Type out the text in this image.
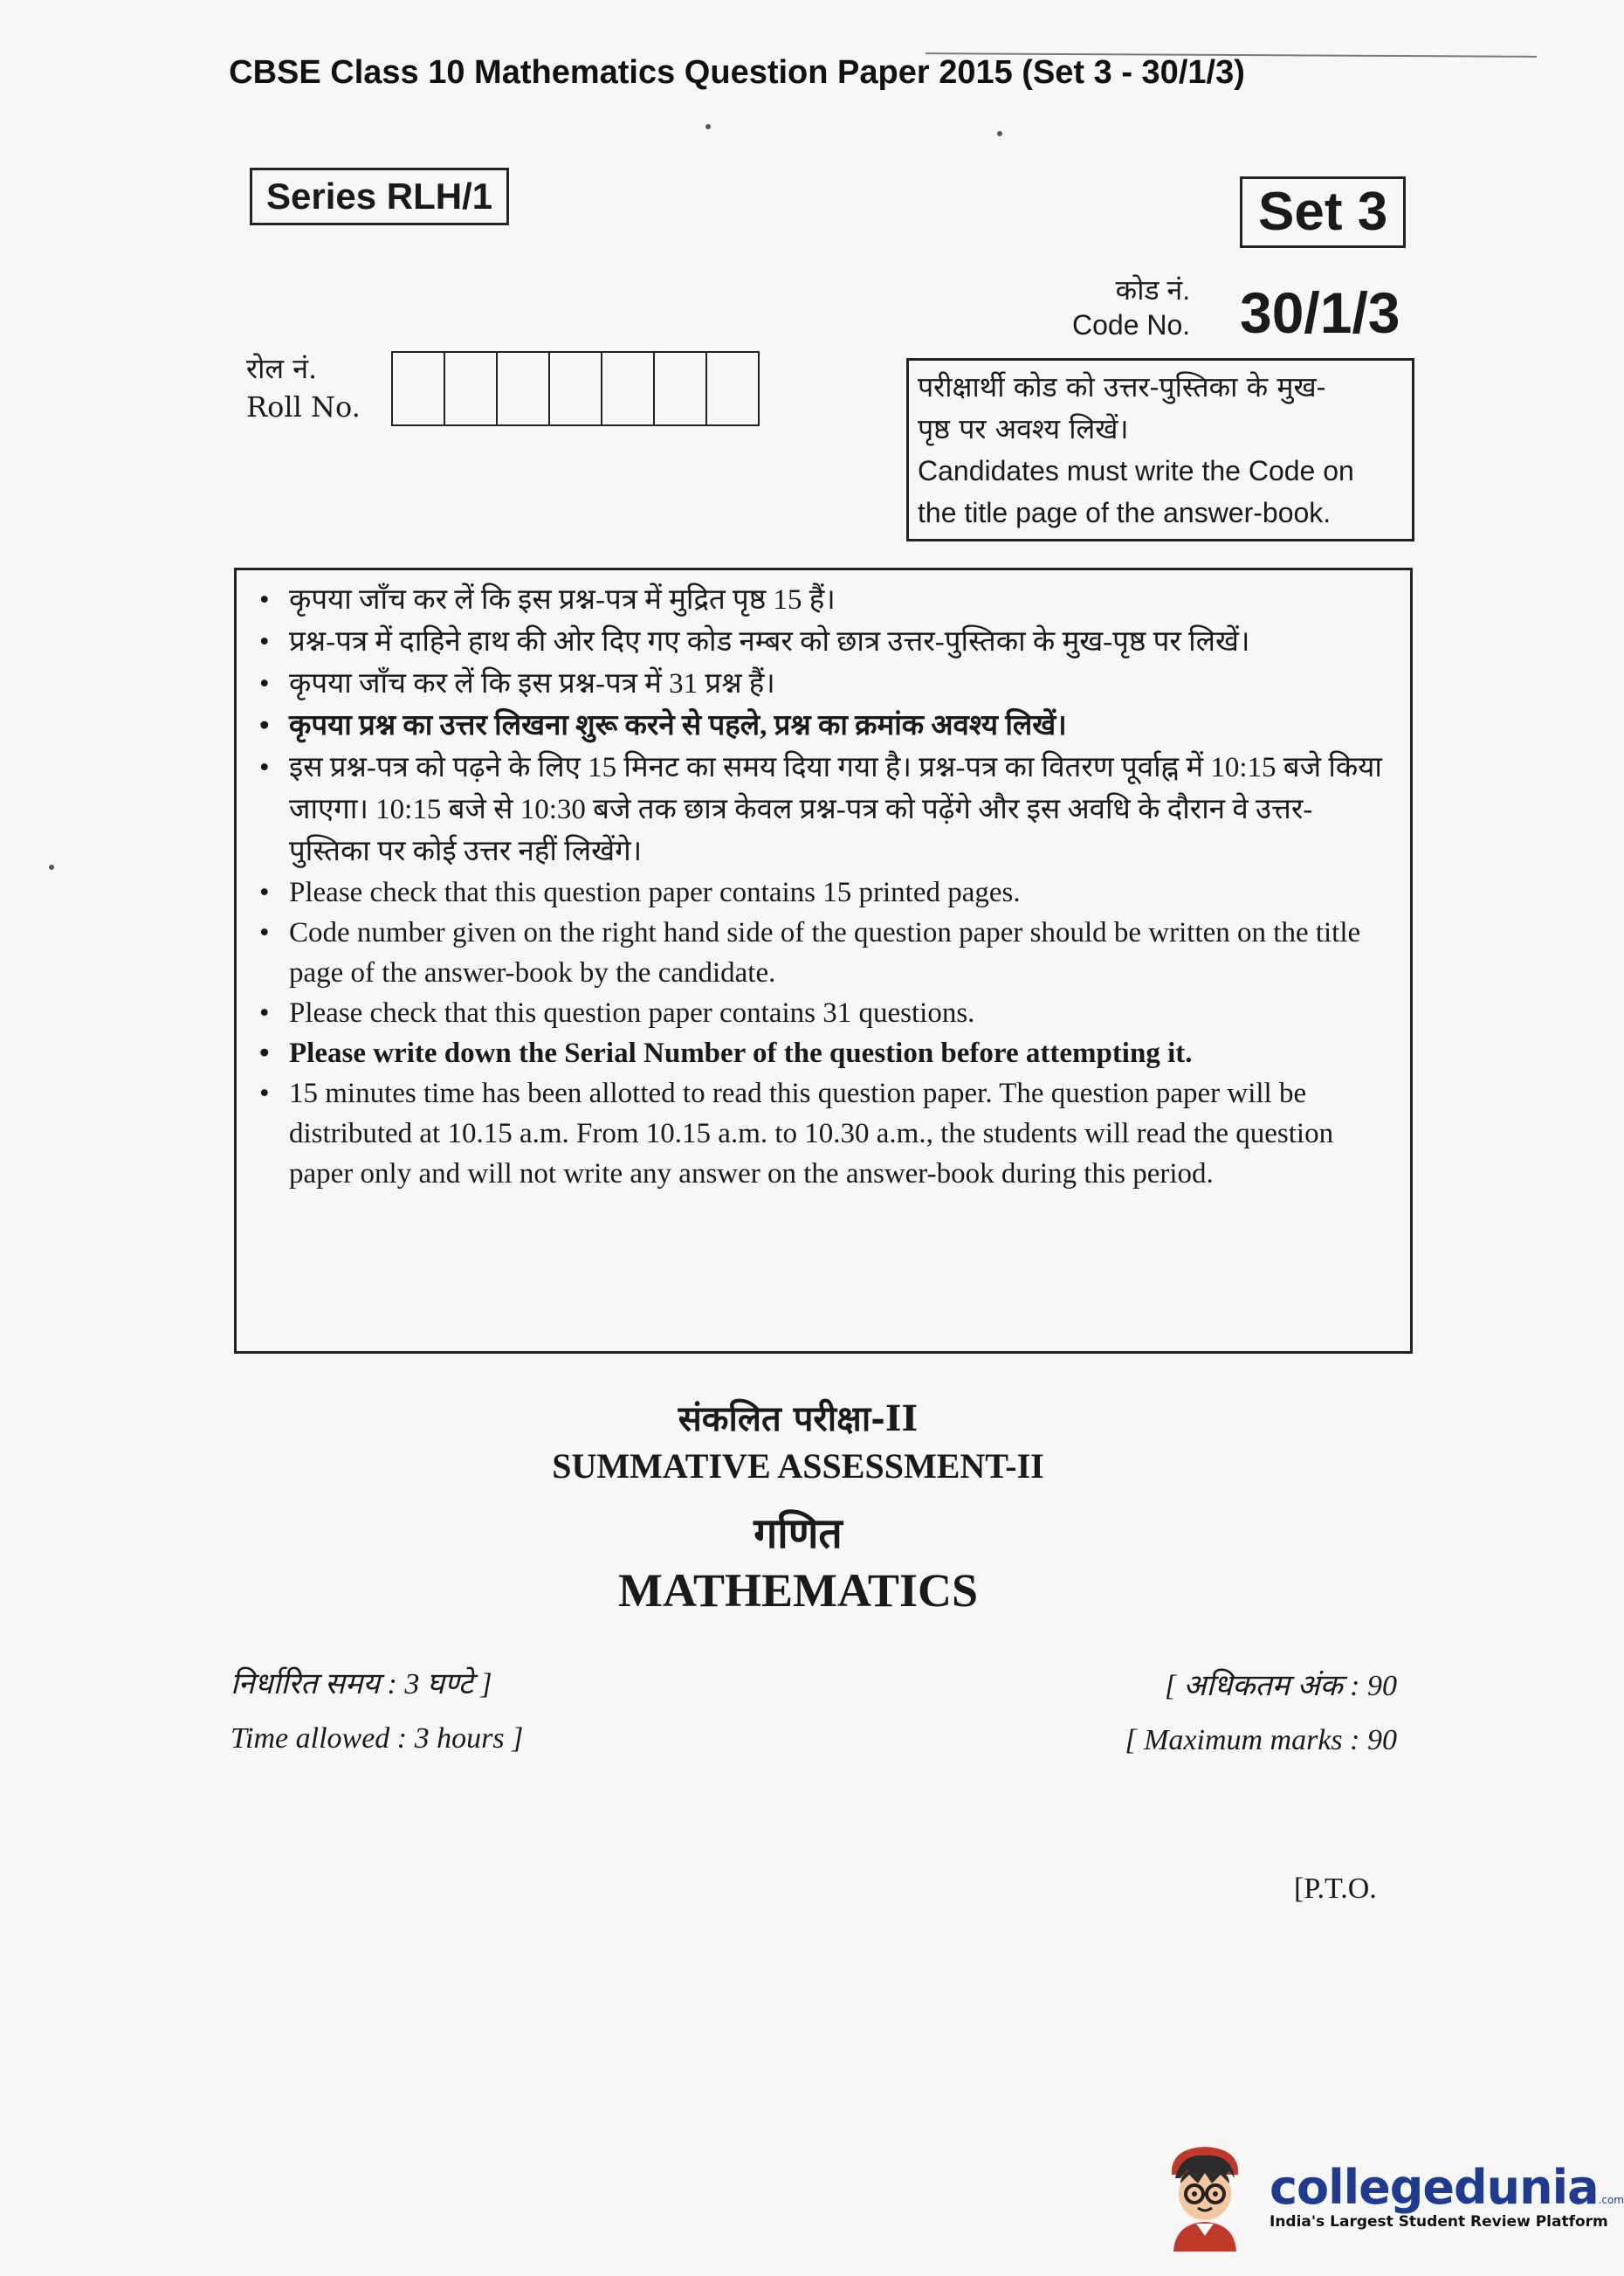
CBSE Class 10 Mathematics Question Paper 2015 (Set 3 - 30/1/3)
Series RLH/1	Set 3
कोड नं.
Code No. 30/1/3
रोल नं.
Roll No.
परीक्षार्थी कोड को उत्तर-पुस्तिका के मुख-
पृष्ठ पर अवश्य लिखें।
Candidates must write the Code on
the title page of the answer-book.
• कृपया जाँच कर लें कि इस प्रश्न-पत्र में मुद्रित पृष्ठ 15 हैं।
• प्रश्न-पत्र में दाहिने हाथ की ओर दिए गए कोड नम्बर को छात्र उत्तर-पुस्तिका के मुख-पृष्ठ पर लिखें।
• कृपया जाँच कर लें कि इस प्रश्न-पत्र में 31 प्रश्न हैं।
• कृपया प्रश्न का उत्तर लिखना शुरू करने से पहले, प्रश्न का क्रमांक अवश्य लिखें।
• इस प्रश्न-पत्र को पढ़ने के लिए 15 मिनट का समय दिया गया है। प्रश्न-पत्र का वितरण पूर्वाह्न में 10:15 बजे किया जाएगा। 10:15 बजे से 10:30 बजे तक छात्र केवल प्रश्न-पत्र को पढ़ेंगे और इस अवधि के दौरान वे उत्तर-पुस्तिका पर कोई उत्तर नहीं लिखेंगे।
• Please check that this question paper contains 15 printed pages.
• Code number given on the right hand side of the question paper should be written on the title page of the answer-book by the candidate.
• Please check that this question paper contains 31 questions.
• Please write down the Serial Number of the question before attempting it.
• 15 minutes time has been allotted to read this question paper. The question paper will be distributed at 10.15 a.m. From 10.15 a.m. to 10.30 a.m., the students will read the question paper only and will not write any answer on the answer-book during this period.
संकलित परीक्षा-II
SUMMATIVE ASSESSMENT-II
गणित
MATHEMATICS
निर्धारित समय : 3 घण्टे ]
Time allowed : 3 hours ]
[ अधिकतम अंक : 90
[ Maximum marks : 90
[P.T.O.
collegedunia.com
India's Largest Student Review Platform
